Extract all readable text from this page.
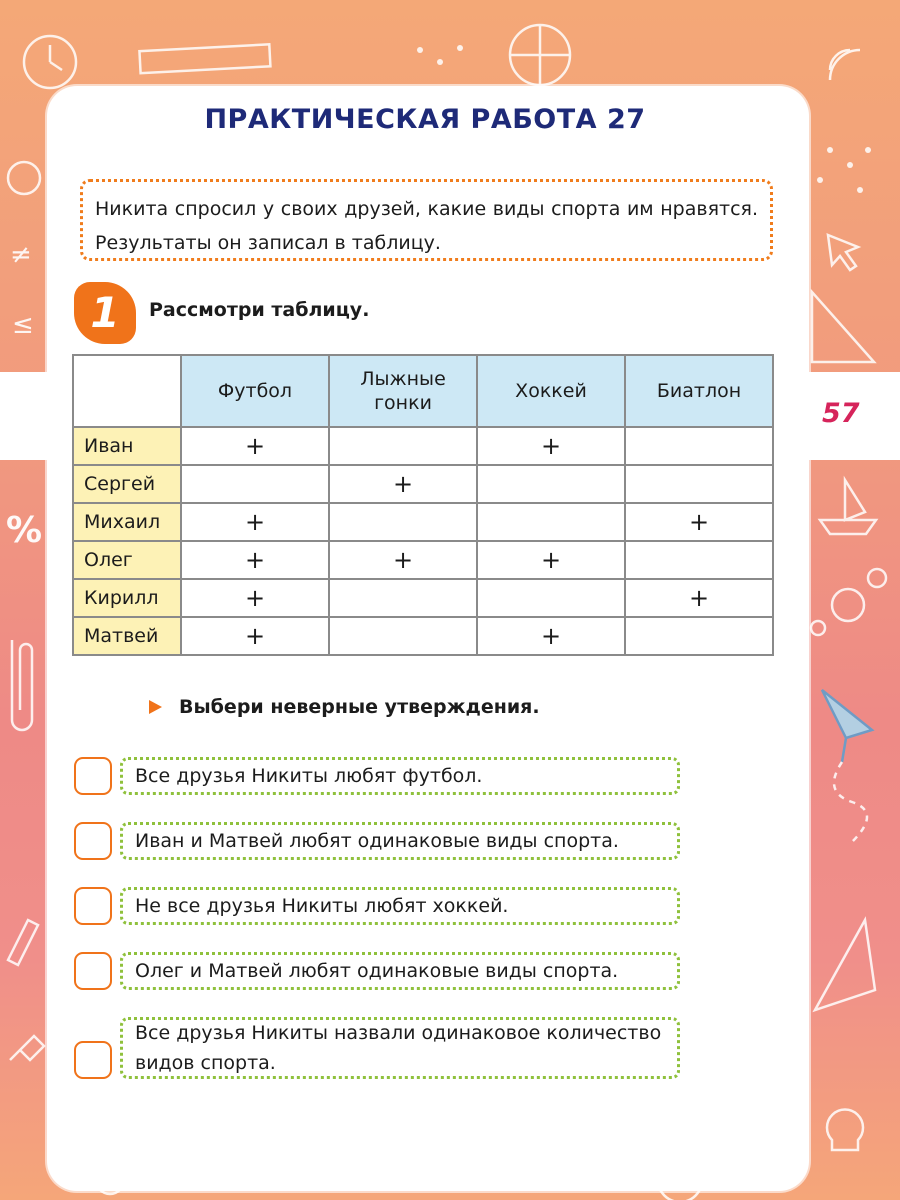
≠
≤
%
57
ПРАКТИЧЕСКАЯ РАБОТА 27
Никита спросил у своих друзей, какие виды спорта им нравятся. Результаты он записал в таблицу.
1	Рассмотри таблицу.
	Футбол	Лыжные
гонки	Хоккей	Биатлон
Иван	+		+	
Сергей		+		
Михаил	+			+
Олег	+	+	+	
Кирилл	+			+
Матвей	+		+	
Выбери неверные утверждения.
Все друзья Никиты любят футбол.
Иван и Матвей любят одинаковые виды спорта.
Не все друзья Никиты любят хоккей.
Олег и Матвей любят одинаковые виды спорта.
Все друзья Никиты назвали одинаковое количество видов спорта.
